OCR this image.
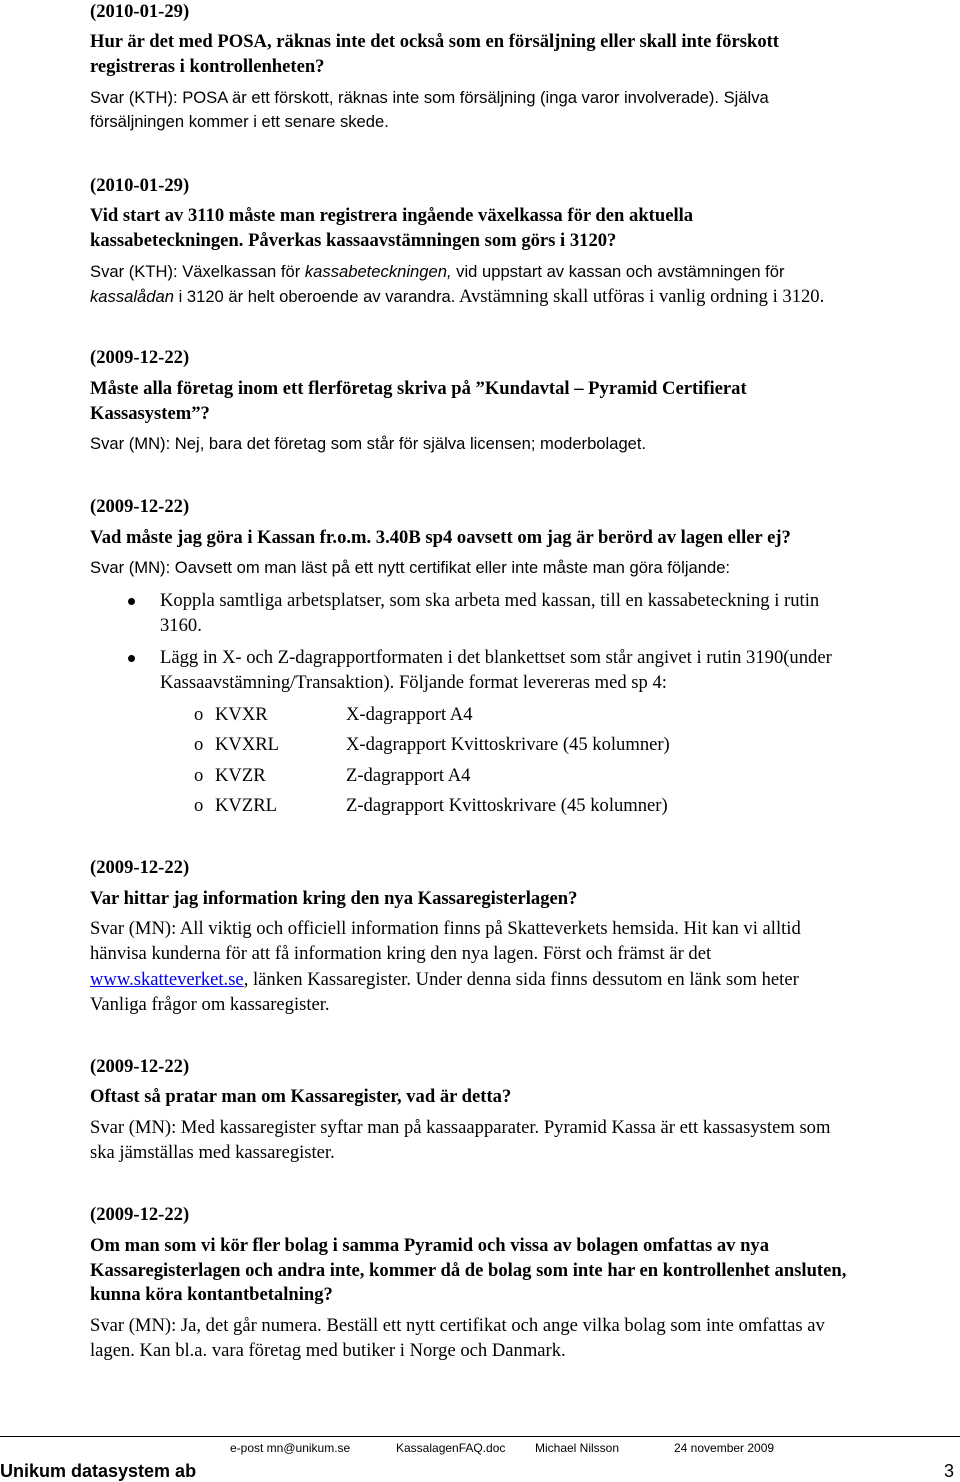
(2010-01-29)
Hur är det med POSA, räknas inte det också som en försäljning eller skall inte förskott
registreras i kontrollenheten?
Svar (KTH): POSA är ett förskott, räknas inte som försäljning (inga varor involverade). Själva
försäljningen kommer i ett senare skede.
(2010-01-29)
Vid start av 3110 måste man registrera ingående växelkassa för den aktuella
kassabeteckningen. Påverkas kassaavstämningen som görs i 3120?
Svar (KTH): Växelkassan för kassabeteckningen, vid uppstart av kassan och avstämningen för
kassalådan i 3120 är helt oberoende av varandra. Avstämning skall utföras i vanlig ordning i 3120.
(2009-12-22)
Måste alla företag inom ett flerföretag skriva på ”Kundavtal – Pyramid Certifierat
Kassasystem”?
Svar (MN): Nej, bara det företag som står för själva licensen; moderbolaget.
(2009-12-22)
Vad måste jag göra i Kassan fr.o.m. 3.40B sp4 oavsett om jag är berörd av lagen eller ej?
Svar (MN): Oavsett om man läst på ett nytt certifikat eller inte måste man göra följande:
Koppla samtliga arbetsplatser, som ska arbeta med kassan, till en kassabeteckning i rutin
3160.
Lägg in X- och Z-dagrapportformaten i det blankettset som står angivet i rutin 3190(under
Kassaavstämning/Transaktion). Följande format levereras med sp 4:
o KVXR	X-dagrapport A4
o KVXRL	X-dagrapport Kvittoskrivare (45 kolumner)
o KVZR	Z-dagrapport A4
o KVZRL	Z-dagrapport Kvittoskrivare (45 kolumner)
(2009-12-22)
Var hittar jag information kring den nya Kassaregisterlagen?
Svar (MN): All viktig och officiell information finns på Skatteverkets hemsida. Hit kan vi alltid
hänvisa kunderna för att få information kring den nya lagen. Först och främst är det
www.skatteverket.se, länken Kassaregister. Under denna sida finns dessutom en länk som heter
Vanliga frågor om kassaregister.
(2009-12-22)
Oftast så pratar man om Kassaregister, vad är detta?
Svar (MN): Med kassaregister syftar man på kassaapparater. Pyramid Kassa är ett kassasystem som
ska jämställas med kassaregister.
(2009-12-22)
Om man som vi kör fler bolag i samma Pyramid och vissa av bolagen omfattas av nya
Kassaregisterlagen och andra inte, kommer då de bolag som inte har en kontrollenhet ansluten,
kunna köra kontantbetalning?
Svar (MN): Ja, det går numera. Beställ ett nytt certifikat och ange vilka bolag som inte omfattas av
lagen. Kan bl.a. vara företag med butiker i Norge och Danmark.
e-post mn@unikum.se	KassalagenFAQ.doc Michael Nilsson	24 november 2009
Unikum datasystem ab	3
